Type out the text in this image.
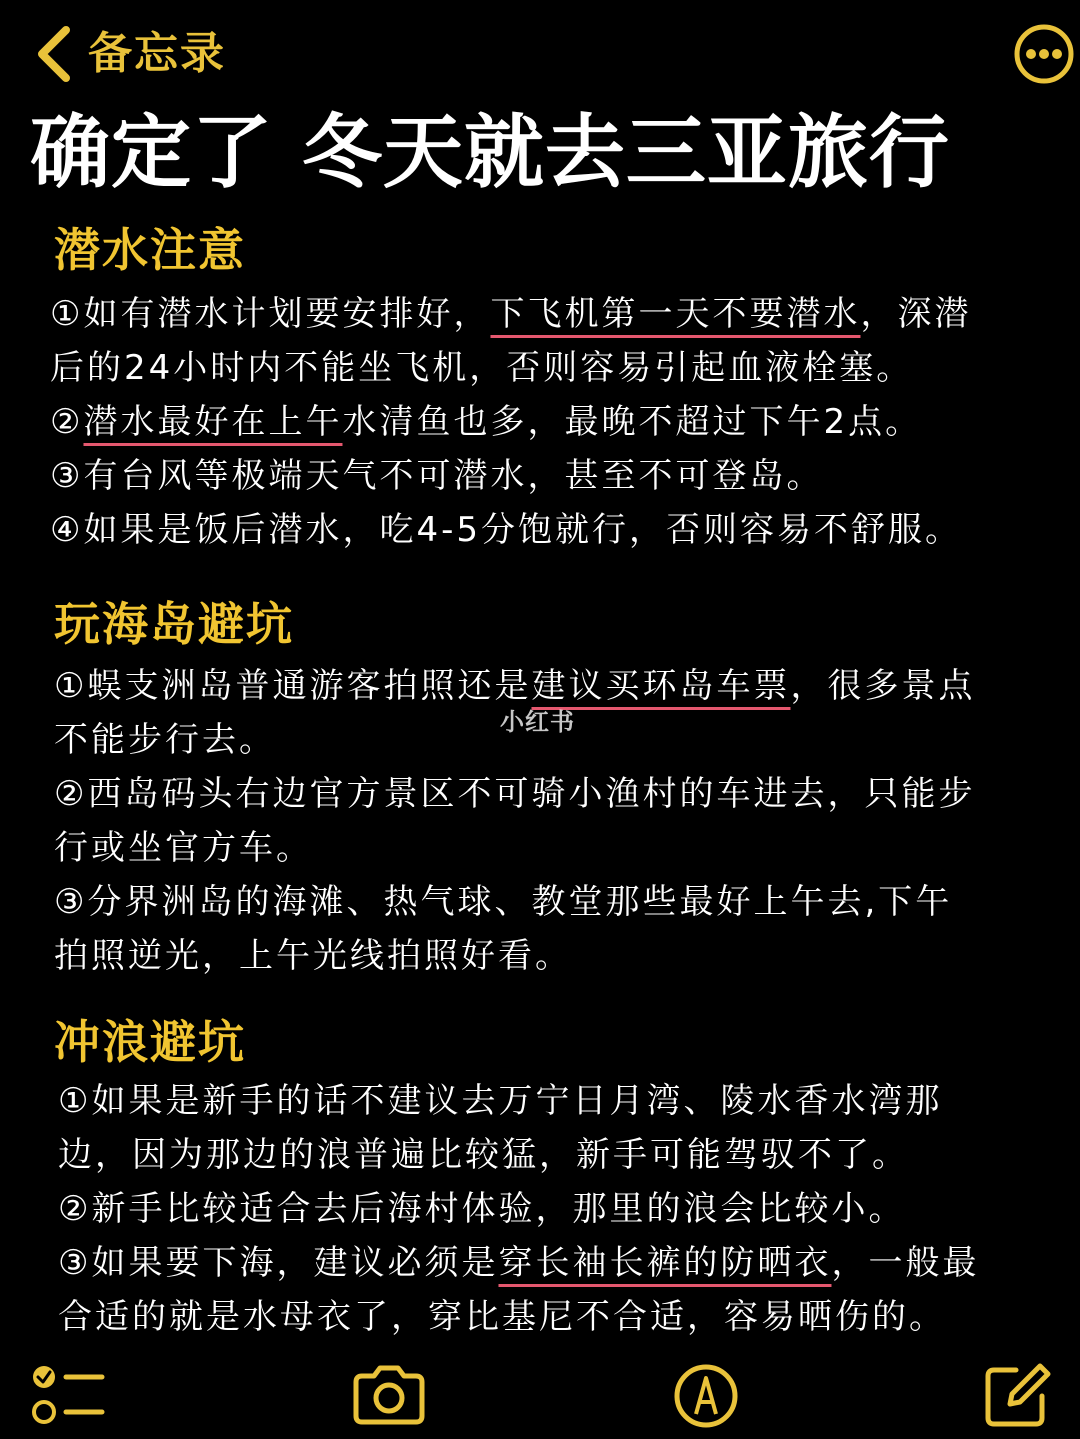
备忘录
确定了 冬天就去三亚旅行
潜水注意
①如有潜水计划要安排好，下飞机第一天不要潜水，深潜
后的24小时内不能坐飞机，否则容易引起血液栓塞。
②潜水最好在上午水清鱼也多，最晚不超过下午2点。
③有台风等极端天气不可潜水，甚至不可登岛。
④如果是饭后潜水，吃4-5分饱就行，否则容易不舒服。
玩海岛避坑
①蜈支洲岛普通游客拍照还是建议买环岛车票，很多景点
不能步行去。
②西岛码头右边官方景区不可骑小渔村的车进去，只能步
行或坐官方车。
③分界洲岛的海滩、热气球、教堂那些最好上午去,下午
拍照逆光，上午光线拍照好看。
小红书
冲浪避坑
①如果是新手的话不建议去万宁日月湾、陵水香水湾那
边，因为那边的浪普遍比较猛，新手可能驾驭不了。
②新手比较适合去后海村体验，那里的浪会比较小。
③如果要下海，建议必须是穿长袖长裤的防晒衣，一般最
合适的就是水母衣了，穿比基尼不合适，容易晒伤的。
